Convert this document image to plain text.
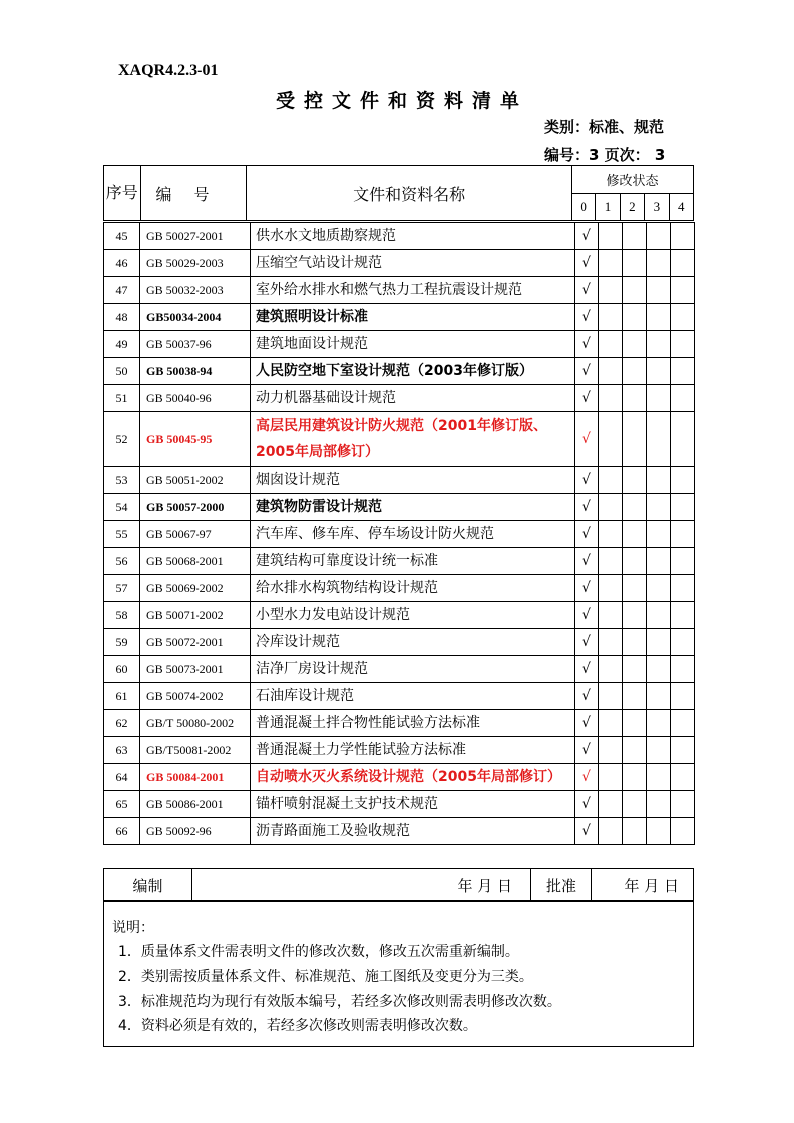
XAQR4.2.3-01
受控文件和资料清单
类别：标准、规范
编号：3 页次： 3
序号	编号	文件和资料名称	修改状态				
			0	1	2	3	4
45	GB 50027-2001	供水水文地质勘察规范	√				
46	GB 50029-2003	压缩空气站设计规范	√				
47	GB 50032-2003	室外给水排水和燃气热力工程抗震设计规范	√				
48	GB50034-2004	建筑照明设计标准	√				
49	GB 50037-96	建筑地面设计规范	√				
50	GB 50038-94	人民防空地下室设计规范（2003年修订版）	√				
51	GB 50040-96	动力机器基础设计规范	√				
52	GB 50045-95	高层民用建筑设计防火规范（2001年修订版、2005年局部修订）	√				
53	GB 50051-2002	烟囱设计规范	√				
54	GB 50057-2000	建筑物防雷设计规范	√				
55	GB 50067-97	汽车库、修车库、停车场设计防火规范	√				
56	GB 50068-2001	建筑结构可靠度设计统一标准	√				
57	GB 50069-2002	给水排水构筑物结构设计规范	√				
58	GB 50071-2002	小型水力发电站设计规范	√				
59	GB 50072-2001	冷库设计规范	√				
60	GB 50073-2001	洁净厂房设计规范	√				
61	GB 50074-2002	石油库设计规范	√				
62	GB/T 50080-2002	普通混凝土拌合物性能试验方法标准	√				
63	GB/T50081-2002	普通混凝土力学性能试验方法标准	√				
64	GB 50084-2001	自动喷水灭火系统设计规范（2005年局部修订）	√				
65	GB 50086-2001	锚杆喷射混凝土支护技术规范	√				
66	GB 50092-96	沥青路面施工及验收规范	√				
编制	年 月 日	批准	年 月 日
说明：
1．质量体系文件需表明文件的修改次数，修改五次需重新编制。
2．类别需按质量体系文件、标准规范、施工图纸及变更分为三类。
3．标准规范均为现行有效版本编号，若经多次修改则需表明修改次数。
4．资料必须是有效的，若经多次修改则需表明修改次数。
